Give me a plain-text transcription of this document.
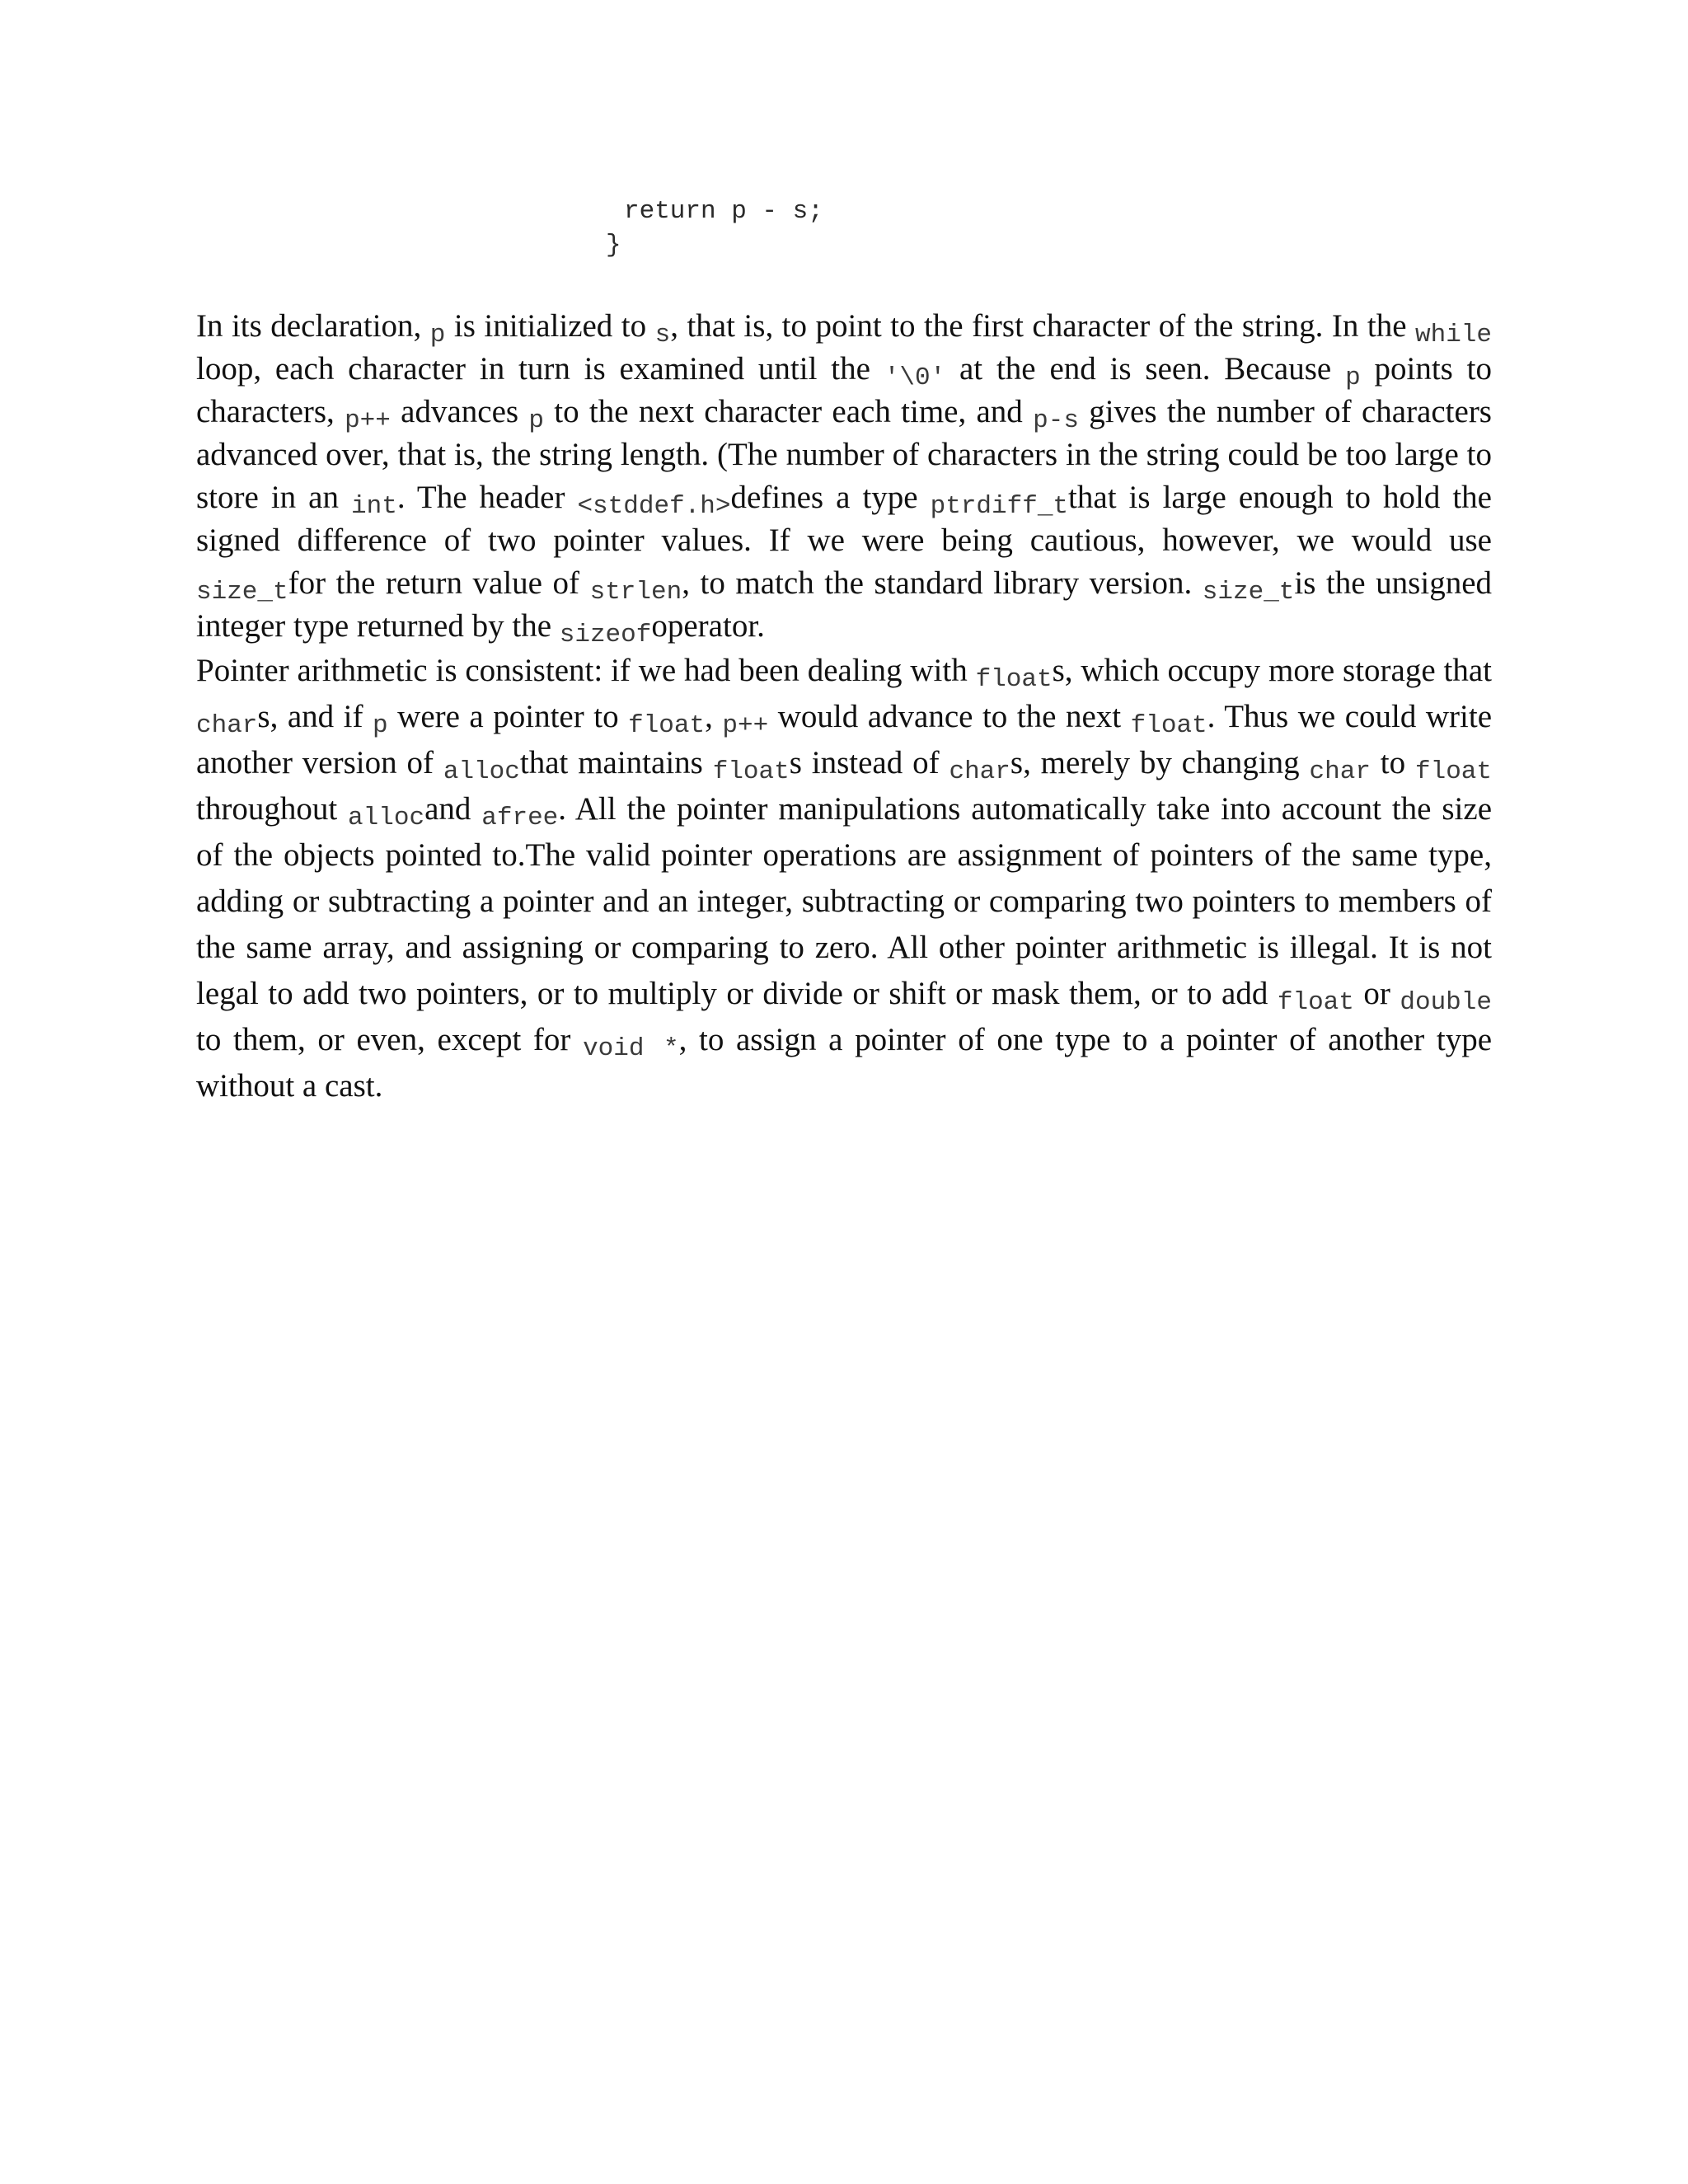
return p - s;
}

In its declaration, p is initialized to s, that is, to point to the first character of the string. In the while loop, each character in turn is examined until the '\0' at the end is seen. Because p points to characters, p++ advances p to the next character each time, and p-s gives the number of characters advanced over, that is, the string length. (The number of characters in the string could be too large to store in an int. The header <stddef.h>defines a type ptrdiff_tthat is large enough to hold the signed difference of two pointer values. If we were being cautious, however, we would use size_tfor the return value of strlen, to match the standard library version. size_tis the unsigned integer type returned by the sizeofoperator.

Pointer arithmetic is consistent: if we had been dealing with floats, which occupy more storage that chars, and if p were a pointer to float, p++ would advance to the next float. Thus we could write another version of allocthat maintains floats instead of chars, merely by changing char to float throughout allocand afree. All the pointer manipulations automatically take into account the size of the objects pointed to.The valid pointer operations are assignment of pointers of the same type, adding or subtracting a pointer and an integer, subtracting or comparing two pointers to members of the same array, and assigning or comparing to zero. All other pointer arithmetic is illegal. It is not legal to add two pointers, or to multiply or divide or shift or mask them, or to add float or double to them, or even, except for void *, to assign a pointer of one type to a pointer of another type without a cast.
